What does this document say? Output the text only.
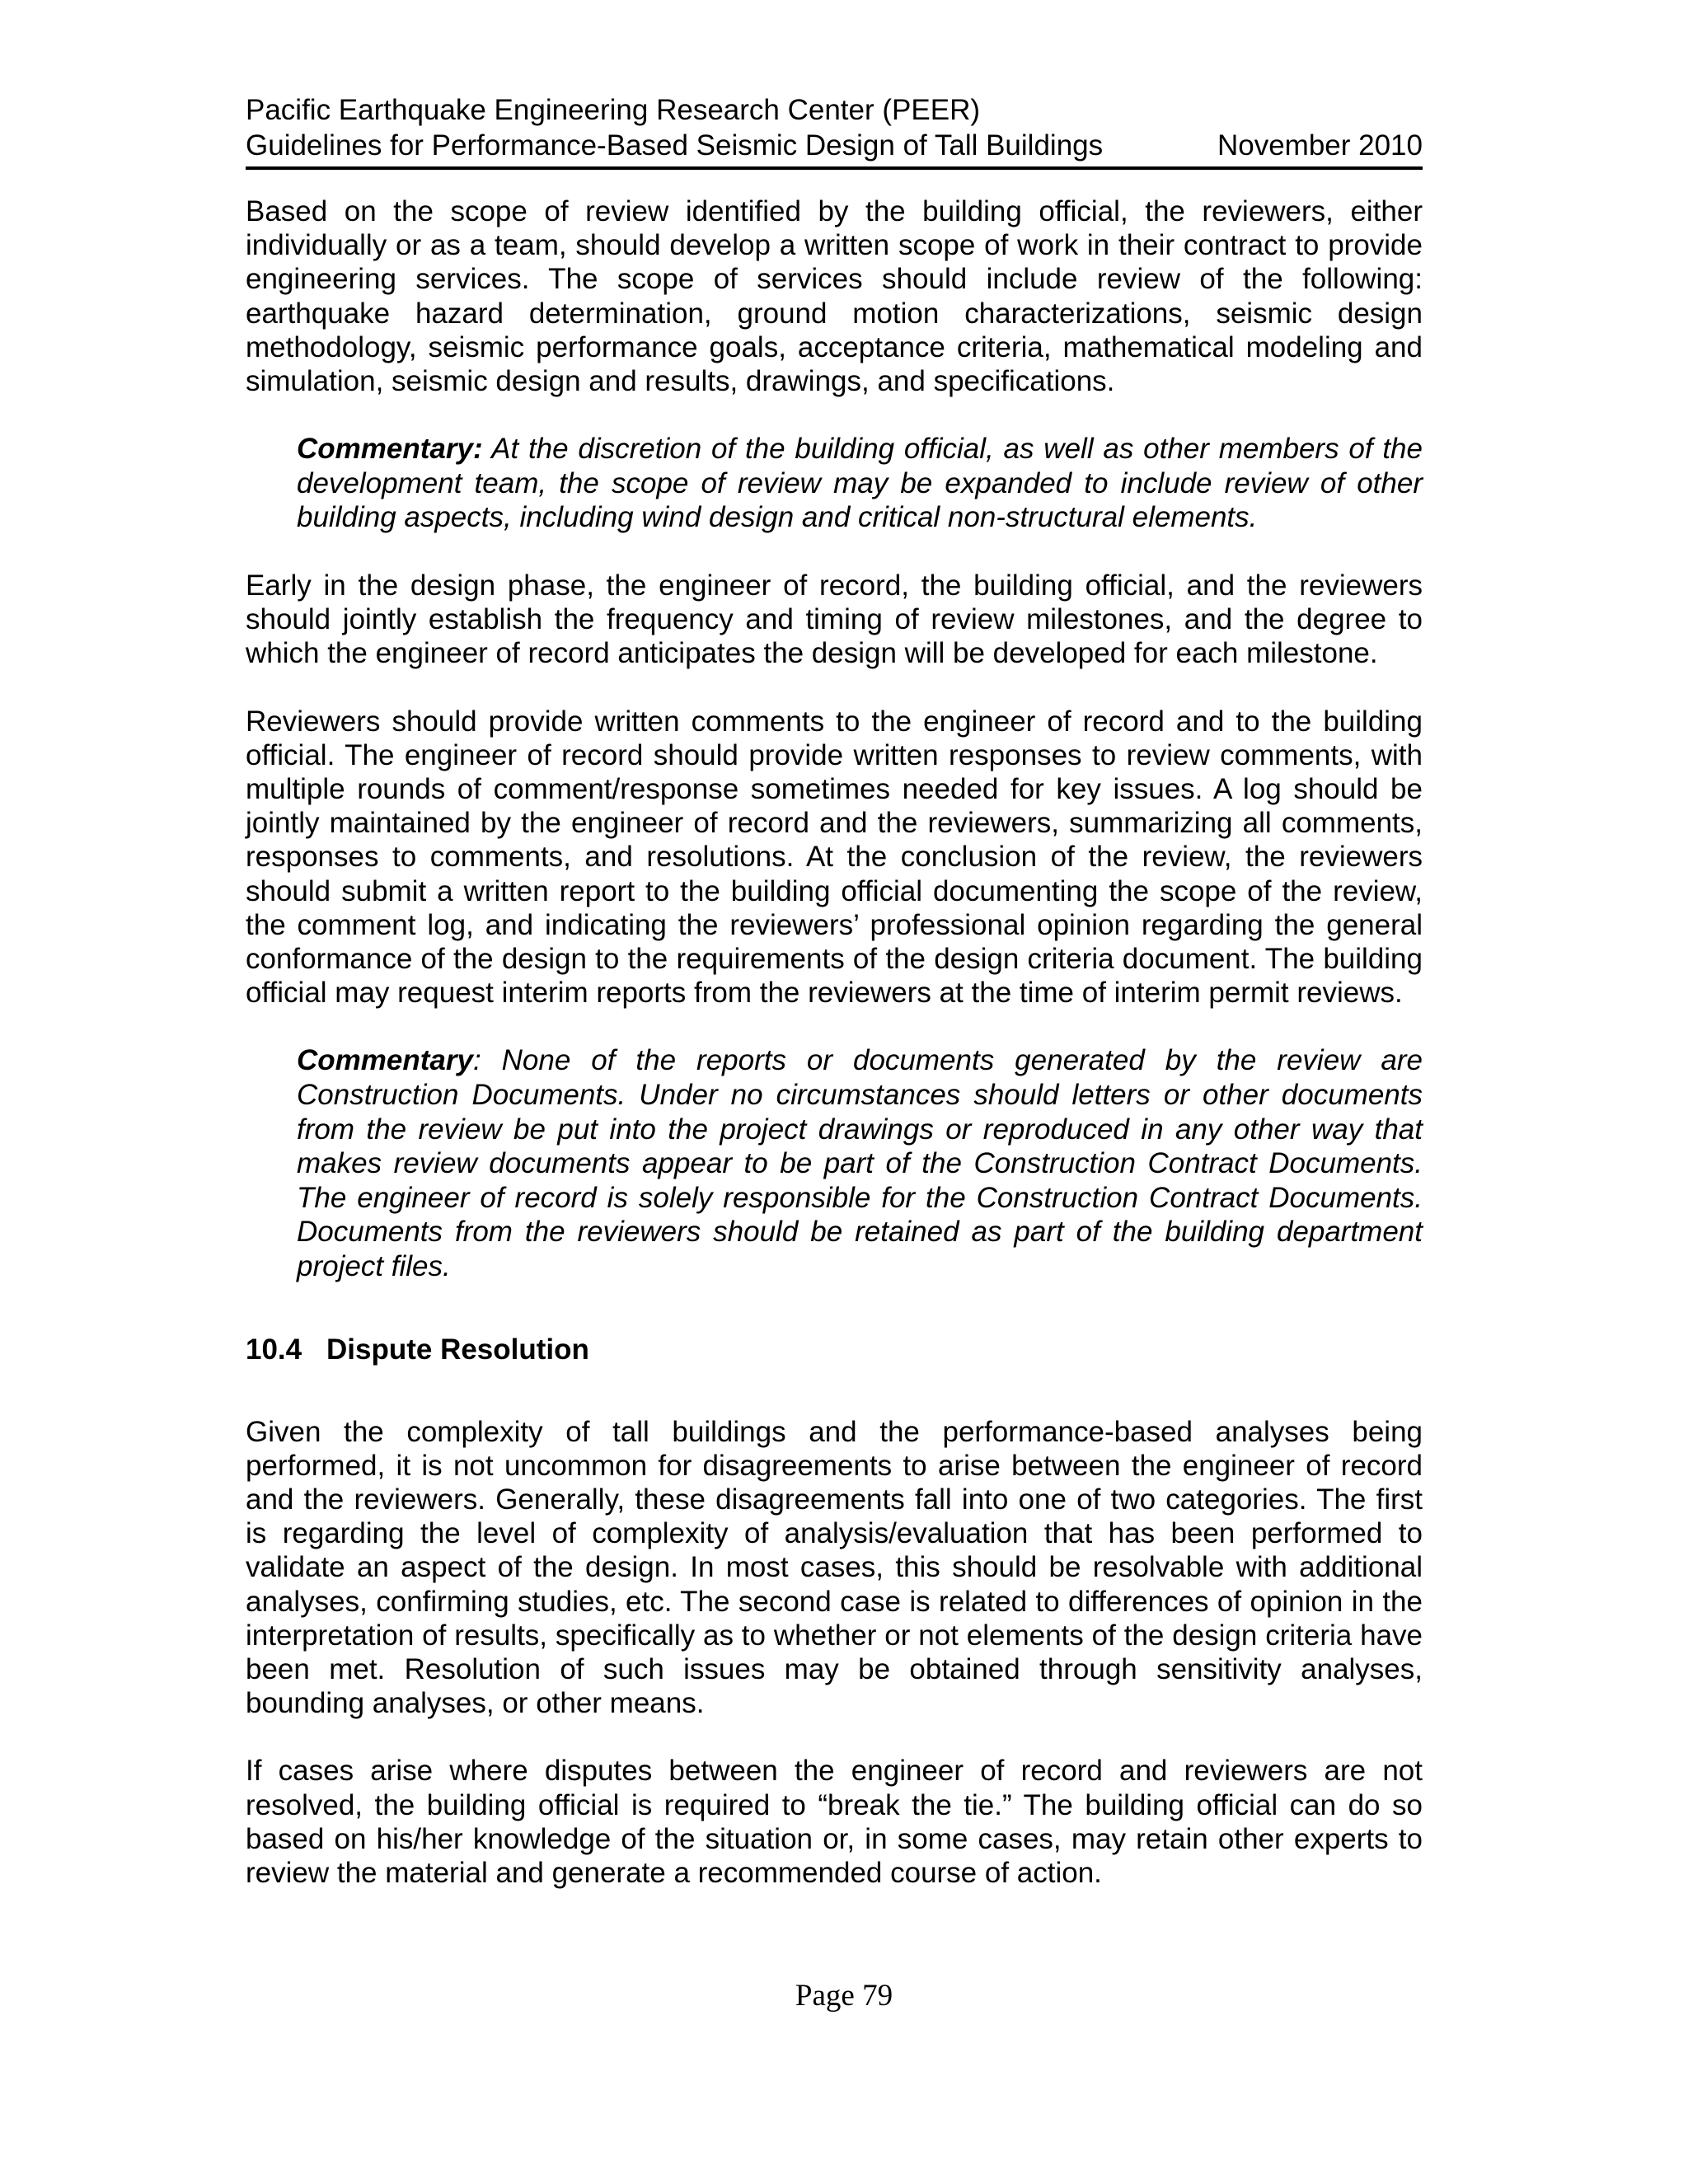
Pacific Earthquake Engineering Research Center (PEER)
Guidelines for Performance-Based Seismic Design of Tall Buildings	November 2010

Based on the scope of review identified by the building official, the reviewers, either individually or as a team, should develop a written scope of work in their contract to provide engineering services. The scope of services should include review of the following: earthquake hazard determination, ground motion characterizations, seismic design methodology, seismic performance goals, acceptance criteria, mathematical modeling and simulation, seismic design and results, drawings, and specifications.

Commentary: At the discretion of the building official, as well as other members of the development team, the scope of review may be expanded to include review of other building aspects, including wind design and critical non-structural elements.

Early in the design phase, the engineer of record, the building official, and the reviewers should jointly establish the frequency and timing of review milestones, and the degree to which the engineer of record anticipates the design will be developed for each milestone.

Reviewers should provide written comments to the engineer of record and to the building official. The engineer of record should provide written responses to review comments, with multiple rounds of comment/response sometimes needed for key issues. A log should be jointly maintained by the engineer of record and the reviewers, summarizing all comments, responses to comments, and resolutions. At the conclusion of the review, the reviewers should submit a written report to the building official documenting the scope of the review, the comment log, and indicating the reviewers’ professional opinion regarding the general conformance of the design to the requirements of the design criteria document. The building official may request interim reports from the reviewers at the time of interim permit reviews.

Commentary: None of the reports or documents generated by the review are Construction Documents. Under no circumstances should letters or other documents from the review be put into the project drawings or reproduced in any other way that makes review documents appear to be part of the Construction Contract Documents. The engineer of record is solely responsible for the Construction Contract Documents. Documents from the reviewers should be retained as part of the building department project files.

10.4 Dispute Resolution

Given the complexity of tall buildings and the performance-based analyses being performed, it is not uncommon for disagreements to arise between the engineer of record and the reviewers. Generally, these disagreements fall into one of two categories. The first is regarding the level of complexity of analysis/evaluation that has been performed to validate an aspect of the design. In most cases, this should be resolvable with additional analyses, confirming studies, etc. The second case is related to differences of opinion in the interpretation of results, specifically as to whether or not elements of the design criteria have been met. Resolution of such issues may be obtained through sensitivity analyses, bounding analyses, or other means.

If cases arise where disputes between the engineer of record and reviewers are not resolved, the building official is required to “break the tie.” The building official can do so based on his/her knowledge of the situation or, in some cases, may retain other experts to review the material and generate a recommended course of action.

Page 79
